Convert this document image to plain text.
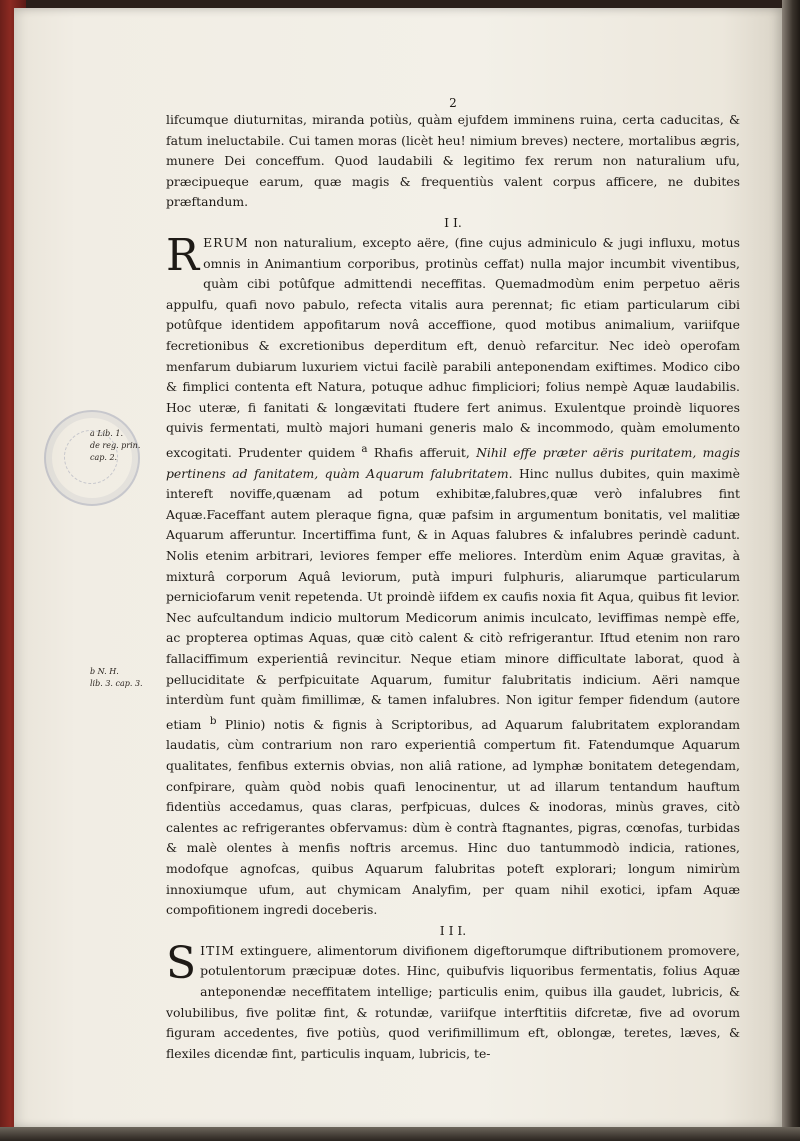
a Lib. 1.
de reg. prin.
cap. 2.
b N. H.
lib. 3. cap. 3.
2

lifcumque diuturnitas, miranda potiùs, quàm ejufdem imminens ruina, certa caducitas, & fatum ineluctabile. Cui tamen moras (licèt heu! nimium breves) nectere, mortalibus ægris, munere Dei conceffum. Quod laudabili & legitimo fex rerum non naturalium ufu, præcipueque earum, quæ magis & frequentiùs valent corpus afficere, ne dubites præftandum.

I I.

RERUM non naturalium, excepto aëre, (fine cujus adminiculo & jugi influxu, motus omnis in Animantium corporibus, protinùs ceffat) nulla major incumbit viventibus, quàm cibi potûfque admittendi neceffitas. Quemadmodùm enim perpetuo aëris appulfu, quafi novo pabulo, refecta vitalis aura perennat; fic etiam particularum cibi potûfque identidem appofitarum novâ acceffione, quod motibus animalium, variifque fecretionibus & excretionibus deperditum eft, denuò refarcitur. Nec ideò operofam menfarum dubiarum luxuriem victui facilè parabili anteponendam exiftimes. Modico cibo & fimplici contenta eft Natura, potuque adhuc fimpliciori; folius nempè Aquæ laudabilis. Hoc uteræ, fi fanitati & longævitati ftudere fert animus. Exulentque proindè liquores quivis fermentati, multò majori humani generis malo & incommodo, quàm emolumento excogitati. Prudenter quidem $^a$ Rhafis afferuit, Nihil effe præter aëris puritatem, magis pertinens ad fanitatem, quàm Aquarum falubritatem. Hinc nullus dubites, quin maximè intereft noviffe,quænam ad potum exhibitæ,falubres,quæ verò infalubres fint Aquæ.Faceffant autem pleraque figna, quæ pafsim in argumentum bonitatis, vel malitiæ Aquarum afferuntur. Incertiffima funt, & in Aquas falubres & infalubres perindè cadunt. Nolis etenim arbitrari, leviores femper effe meliores. Interdùm enim Aquæ gravitas, à mixturâ corporum Aquâ leviorum, putà impuri fulphuris, aliarumque particularum perniciofarum venit repetenda. Ut proindè iifdem ex caufis noxia fit Aqua, quibus fit levior. Nec aufcultandum indicio multorum Medicorum animis inculcato, leviffimas nempè effe, ac propterea optimas Aquas, quæ citò calent & citò refrigerantur. Iftud etenim non raro fallaciffimum experientiâ revincitur. Neque etiam minore difficultate laborat, quod à pelluciditate & perfpicuitate Aquarum, fumitur falubritatis indicium. Aëri namque interdùm funt quàm fimillimæ, & tamen infalubres. Non igitur femper fidendum (autore etiam $^b$ Plinio) notis & fignis à Scriptoribus, ad Aquarum falubritatem explorandam laudatis, cùm contrarium non raro experientiâ compertum fit. Fatendumque Aquarum qualitates, fenfibus externis obvias, non aliâ ratione, ad lymphæ bonitatem detegendam, confpirare, quàm quòd nobis quafi lenocinentur, ut ad illarum tentandum hauftum fidentiùs accedamus, quas claras, perfpicuas, dulces & inodoras, minùs graves, citò calentes ac refrigerantes obfervamus: dùm è contrà ftagnantes, pigras, cœnofas, turbidas & malè olentes à menfis noftris arcemus. Hinc duo tantummodò indicia, rationes, modofque agnofcas, quibus Aquarum falubritas poteft explorari; longum nimirùm innoxiumque ufum, aut chymicam Analyfim, per quam nihil exotici, ipfam Aquæ compofitionem ingredi doceberis.

I I I.

SITIM extinguere, alimentorum divifionem digeftorumque diftributionem promovere, potulentorum præcipuæ dotes. Hinc, quibufvis liquoribus fermentatis, folius Aquæ anteponendæ neceffitatem intellige; particulis enim, quibus illa gaudet, lubricis, & volubilibus, five politæ fint, & rotundæ, variifque interftitiis difcretæ, five ad ovorum figuram accedentes, five potiùs, quod verifimillimum eft, oblongæ, teretes, læves, & flexiles dicendæ fint, particulis inquam, lubricis, te-
